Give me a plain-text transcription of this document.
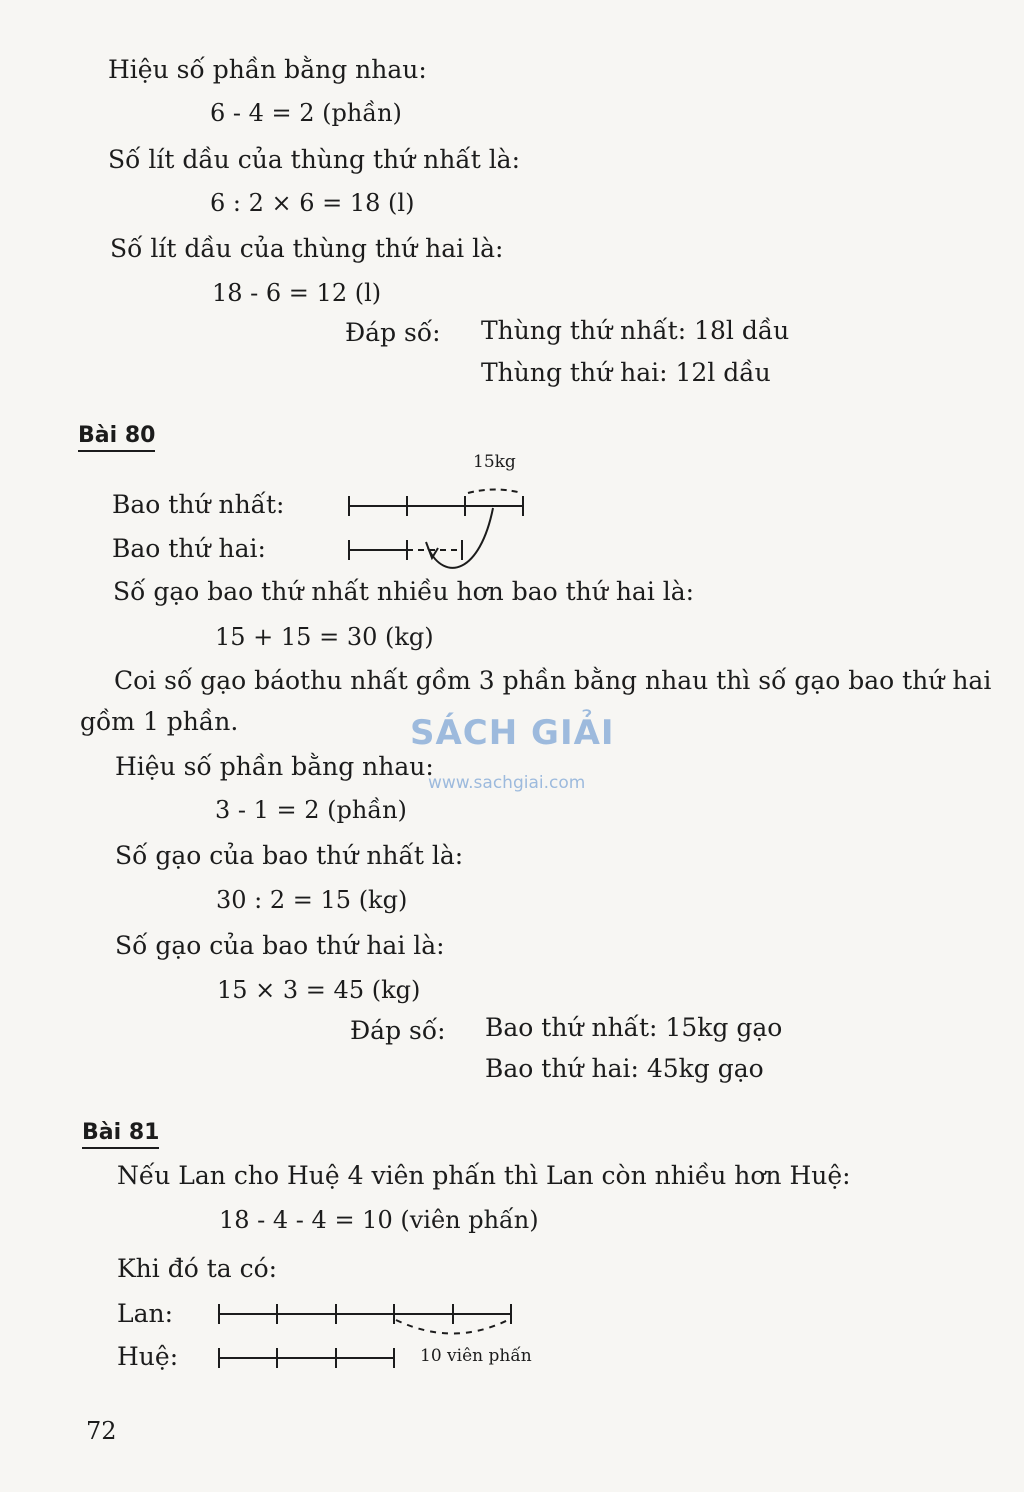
Hiệu số phần bằng nhau:
6 - 4 = 2 (phần)
Số lít dầu của thùng thứ nhất là:
6 : 2 × 6 = 18 (l)
Số lít dầu của thùng thứ hai là:
18 - 6 = 12 (l)
Đáp số: Thùng thứ nhất: 18l dầu
Thùng thứ hai: 12l dầu
Bài 80
15kg
Bao thứ nhất:
Bao thứ hai:
Số gạo bao thứ nhất nhiều hơn bao thứ hai là:
15 + 15 = 30 (kg)
Coi số gạo báothu nhất gồm 3 phần bằng nhau thì số gạo bao thứ hai
gồm 1 phần.	SÁCH GIẢI
www.sachgiai.com
Hiệu số phần bằng nhau:
3 - 1 = 2 (phần)
Số gạo của bao thứ nhất là:
30 : 2 = 15 (kg)
Số gạo của bao thứ hai là:
15 × 3 = 45 (kg)
Đáp số: Bao thứ nhất: 15kg gạo
Bao thứ hai: 45kg gạo
Bài 81
Nếu Lan cho Huệ 4 viên phấn thì Lan còn nhiều hơn Huệ:
18 - 4 - 4 = 10 (viên phấn)
Khi đó ta có:
Lan:
Huệ:	10 viên phấn
72
